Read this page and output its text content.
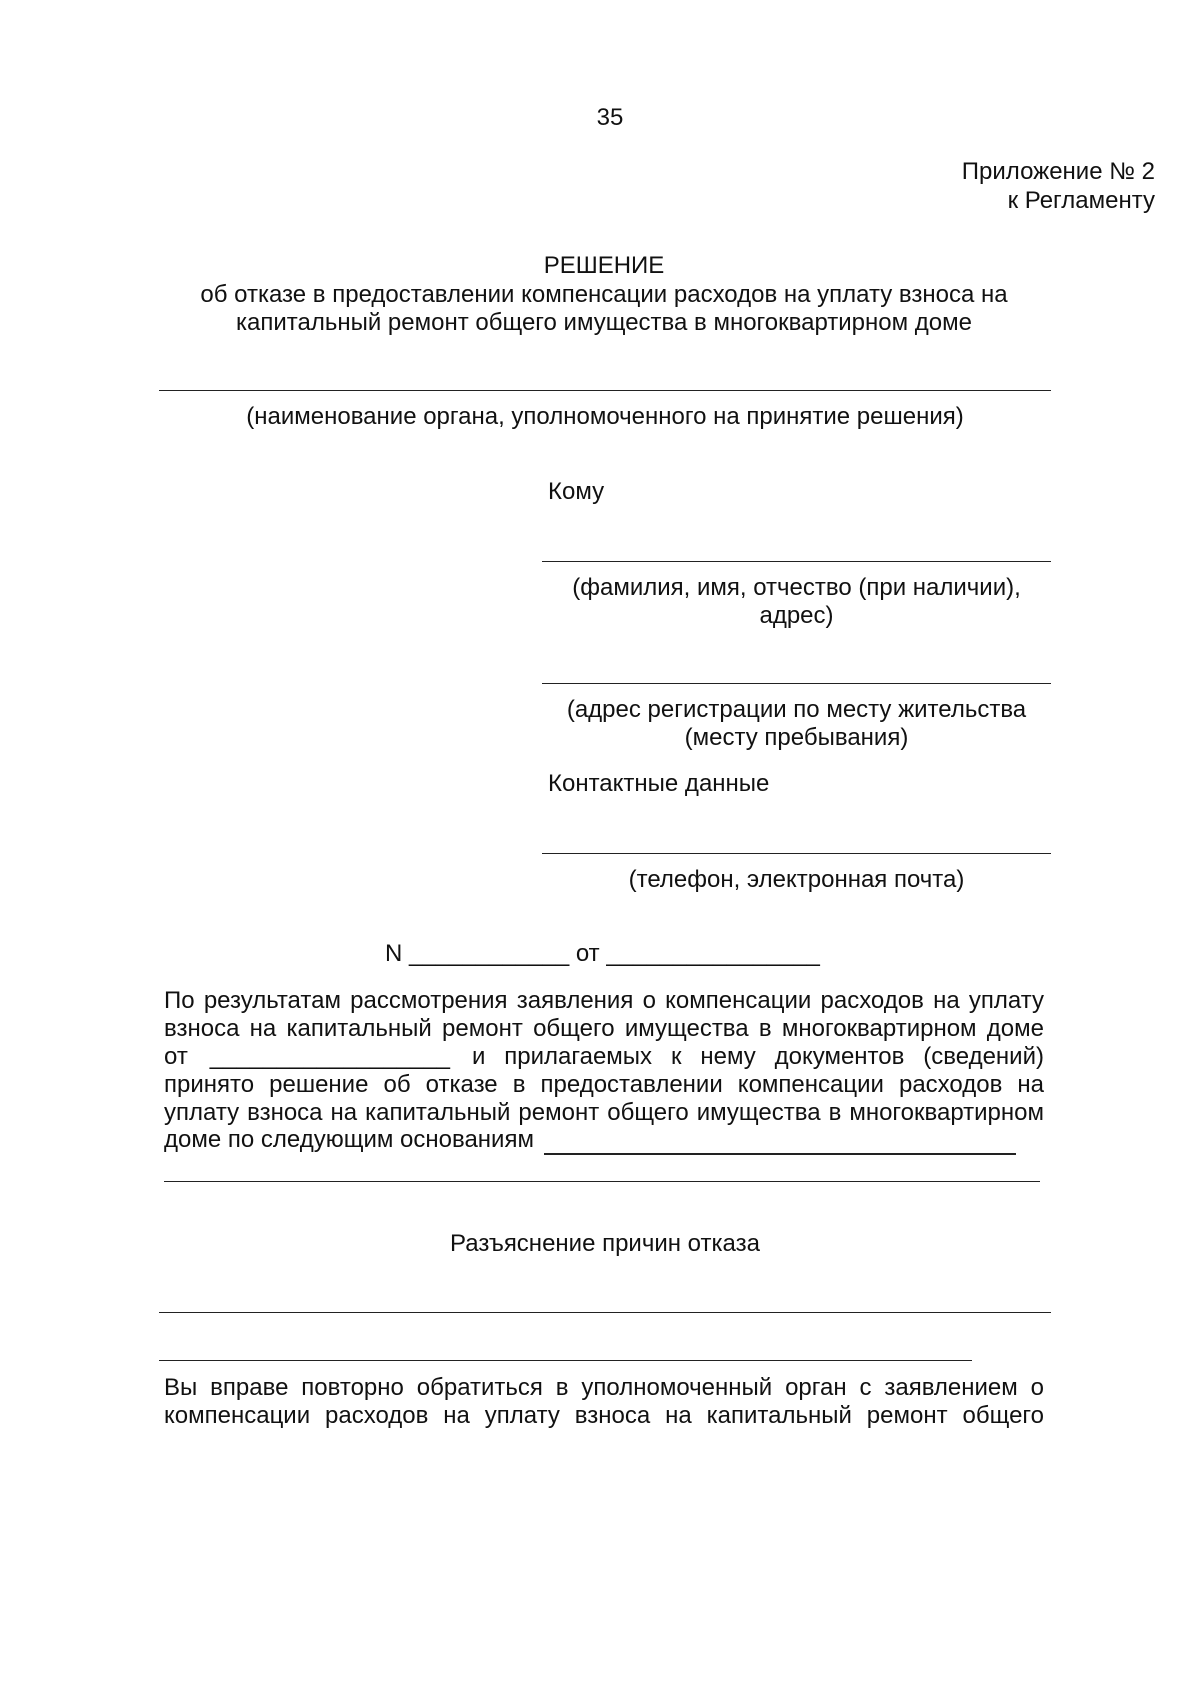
35
Приложение № 2
к Регламенту
РЕШЕНИЕ
об отказе в предоставлении компенсации расходов на уплату взноса на
капитальный ремонт общего имущества в многоквартирном доме
(наименование органа, уполномоченного на принятие решения)
Кому
(фамилия, имя, отчество (при наличии),
адрес)
(адрес регистрации по месту жительства
(месту пребывания)
Контактные данные
(телефон, электронная почта)
N ____________ от ________________
По результатам рассмотрения заявления о компенсации расходов на уплату
взноса на капитальный ремонт общего имущества в многоквартирном доме
от __________________ и прилагаемых к нему документов (сведений)
принято решение об отказе в предоставлении компенсации расходов на
уплату взноса на капитальный ремонт общего имущества в многоквартирном
доме по следующим основаниям
Разъяснение причин отказа
Вы вправе повторно обратиться в уполномоченный орган с заявлением о
компенсации расходов на уплату взноса на капитальный ремонт общего
